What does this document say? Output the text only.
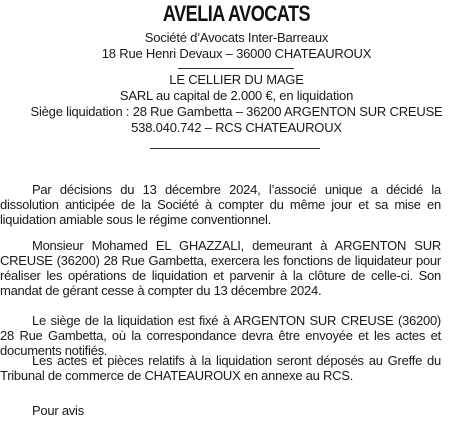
AVELIA AVOCATS
Société d’Avocats Inter-Barreaux
18 Rue Henri Devaux – 36000 CHATEAUROUX
LE CELLIER DU MAGE
SARL au capital de 2.000 €, en liquidation
Siège liquidation : 28 Rue Gambetta – 36200 ARGENTON SUR CREUSE
538.040.742 – RCS CHATEAUROUX
Par décisions du 13 décembre 2024, l’associé unique a décidé la dissolution anticipée de la Société à compter du même jour et sa mise en liquidation amiable sous le régime conventionnel.
Monsieur Mohamed EL GHAZZALI, demeurant à ARGENTON SUR CREUSE (36200) 28 Rue Gambetta, exercera les fonctions de liquidateur pour réaliser les opérations de liquidation et parvenir à la clôture de celle-ci. Son mandat de gérant cesse à compter du 13 décembre 2024.
Le siège de la liquidation est fixé à ARGENTON SUR CREUSE (36200) 28 Rue Gambetta, où la correspondance devra être envoyée et les actes et documents notifiés.
Les actes et pièces relatifs à la liquidation seront déposés au Greffe du Tribunal de commerce de CHATEAUROUX en annexe au RCS.
Pour avis
